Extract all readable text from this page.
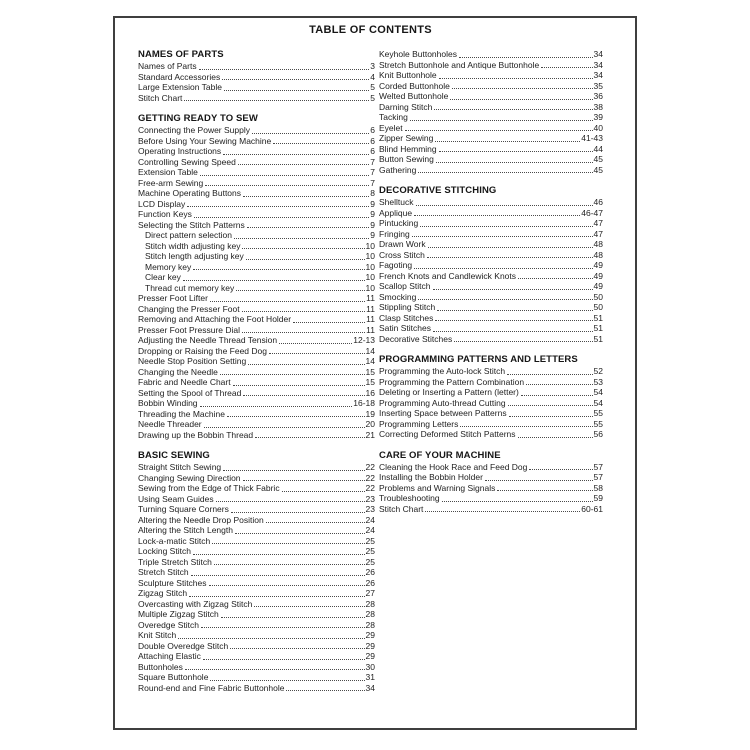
TABLE OF CONTENTS
NAMES OF PARTS
Names of Parts	3
Standard Accessories	4
Large Extension Table	5
Stitch Chart	5
GETTING READY TO SEW
Connecting the Power Supply	6
Before Using Your Sewing Machine	6
Operating Instructions	6
Controlling Sewing Speed	7
Extension Table	7
Free-arm Sewing	7
Machine Operating Buttons	8
LCD Display	9
Function Keys	9
Selecting the Stitch Patterns	9
Direct pattern selection	9
Stitch width adjusting key	10
Stitch length adjusting key	10
Memory key	10
Clear key	10
Thread cut memory key	10
Presser Foot Lifter	11
Changing the Presser Foot	11
Removing and Attaching the Foot Holder	11
Presser Foot Pressure Dial	11
Adjusting the Needle Thread Tension	12-13
Dropping or Raising the Feed Dog	14
Needle Stop Position Setting	14
Changing the Needle	15
Fabric and Needle Chart	15
Setting the Spool of Thread	16
Bobbin Winding	16-18
Threading the Machine	19
Needle Threader	20
Drawing up the Bobbin Thread	21
BASIC SEWING
Straight Stitch Sewing	22
Changing Sewing Direction	22
Sewing from the Edge of Thick Fabric	22
Using Seam Guides	23
Turning Square Corners	23
Altering the Needle Drop Position	24
Altering the Stitch Length	24
Lock-a-matic Stitch	25
Locking Stitch	25
Triple Stretch Stitch	25
Stretch Stitch	26
Sculpture Stitches	26
Zigzag Stitch	27
Overcasting with Zigzag Stitch	28
Multiple Zigzag Stitch	28
Overedge Stitch	28
Knit Stitch	29
Double Overedge Stitch	29
Attaching Elastic	29
Buttonholes	30
Square Buttonhole	31
Round-end and Fine Fabric Buttonhole	34
Keyhole Buttonholes	34
Stretch Buttonhole and Antique Buttonhole	34
Knit Buttonhole	34
Corded Buttonhole	35
Welted Buttonhole	36
Darning Stitch	38
Tacking	39
Eyelet	40
Zipper Sewing	41-43
Blind Hemming	44
Button Sewing	45
Gathering	45
DECORATIVE STITCHING
Shelltuck	46
Applique	46-47
Pintucking	47
Fringing	47
Drawn Work	48
Cross Stitch	48
Fagoting	49
French Knots and Candlewick Knots	49
Scallop Stitch	49
Smocking	50
Stippling Stitch	50
Clasp Stitches	51
Satin Stitches	51
Decorative Stitches	51
PROGRAMMING PATTERNS AND LETTERS
Programming the Auto-lock Stitch	52
Programming the Pattern Combination	53
Deleting or Inserting a Pattern (letter)	54
Programming Auto-thread Cutting	54
Inserting Space between Patterns	55
Programming Letters	55
Correcting Deformed Stitch Patterns	56
CARE OF YOUR MACHINE
Cleaning the Hook Race and Feed Dog	57
Installing the Bobbin Holder	57
Problems and Warning Signals	58
Troubleshooting	59
Stitch Chart	60-61
